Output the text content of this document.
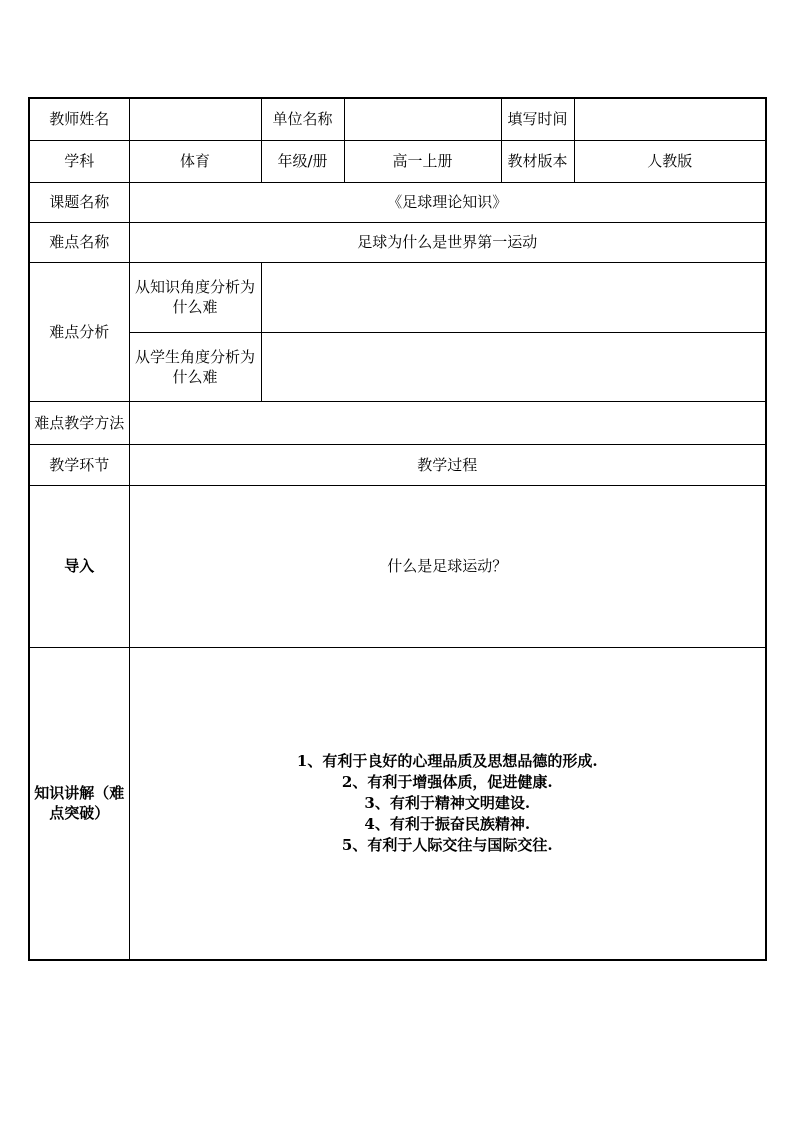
教师姓名		单位名称		填写时间	
学科	体育	年级/册	高一上册	教材版本	人教版
课题名称	《足球理论知识》				
难点名称	足球为什么是世界第一运动				
难点分析	从知识角度分析为什么难				
	从学生角度分析为什么难				
难点教学方法					
教学环节	教学过程				
导入	什么是足球运动？				
知识讲解（难点突破）	1、有利于良好的心理品质及思想品德的形成.
2、有利于增强体质，促进健康.
3、有利于精神文明建设.
4、有利于振奋民族精神.
5、有利于人际交往与国际交往.				
